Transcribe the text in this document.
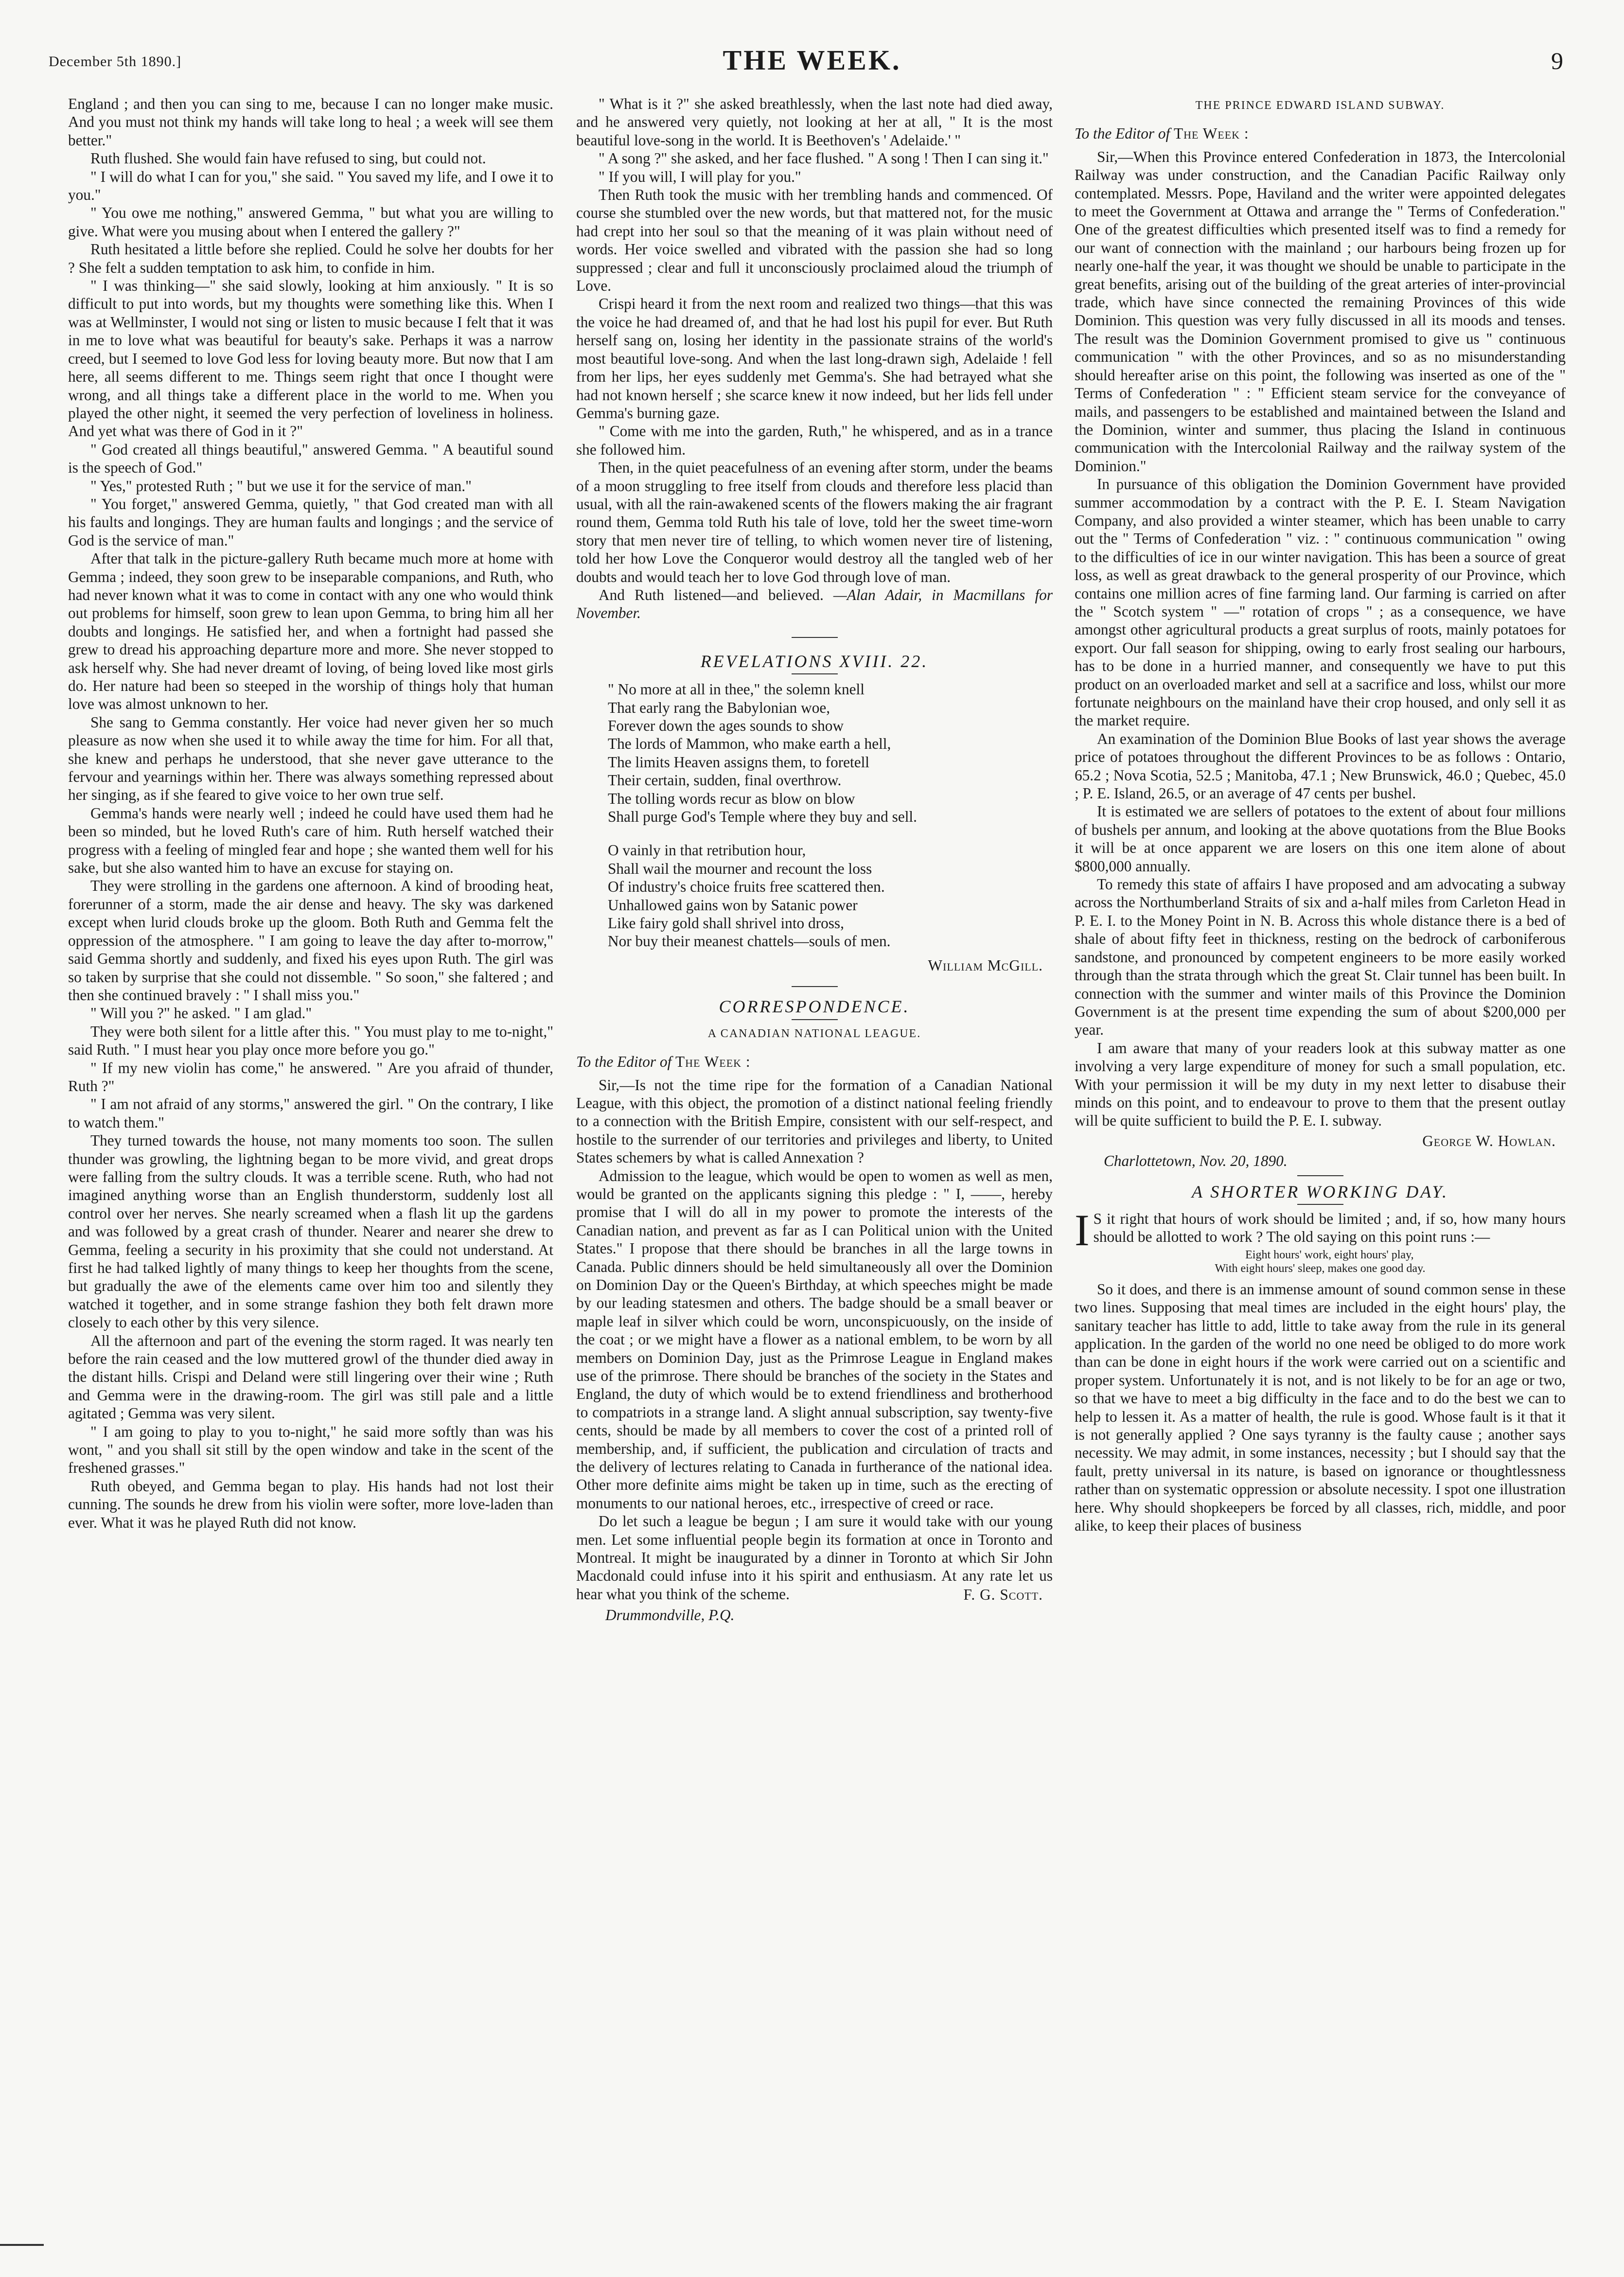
December 5th 1890.]	THE WEEK.	9

England ; and then you can sing to me, because I can no longer make music. And you must not think my hands will take long to heal ; a week will see them better."

Ruth flushed. She would fain have refused to sing, but could not.

" I will do what I can for you," she said. " You saved my life, and I owe it to you."

" You owe me nothing," answered Gemma, " but what you are willing to give. What were you musing about when I entered the gallery ?"

Ruth hesitated a little before she replied. Could he solve her doubts for her ? She felt a sudden temptation to ask him, to confide in him.

" I was thinking—" she said slowly, looking at him anxiously. " It is so difficult to put into words, but my thoughts were something like this. When I was at Wellminster, I would not sing or listen to music because I felt that it was in me to love what was beautiful for beauty's sake. Perhaps it was a narrow creed, but I seemed to love God less for loving beauty more. But now that I am here, all seems different to me. Things seem right that once I thought were wrong, and all things take a different place in the world to me. When you played the other night, it seemed the very perfection of loveliness in holiness. And yet what was there of God in it ?"

" God created all things beautiful," answered Gemma. " A beautiful sound is the speech of God."

" Yes," protested Ruth ; " but we use it for the service of man."

" You forget," answered Gemma, quietly, " that God created man with all his faults and longings. They are human faults and longings ; and the service of God is the service of man."

After that talk in the picture-gallery Ruth became much more at home with Gemma ; indeed, they soon grew to be inseparable companions, and Ruth, who had never known what it was to come in contact with any one who would think out problems for himself, soon grew to lean upon Gemma, to bring him all her doubts and longings. He satisfied her, and when a fortnight had passed she grew to dread his approaching departure more and more. She never stopped to ask herself why. She had never dreamt of loving, of being loved like most girls do. Her nature had been so steeped in the worship of things holy that human love was almost unknown to her.

She sang to Gemma constantly. Her voice had never given her so much pleasure as now when she used it to while away the time for him. For all that, she knew and perhaps he understood, that she never gave utterance to the fervour and yearnings within her. There was always something repressed about her singing, as if she feared to give voice to her own true self.

Gemma's hands were nearly well ; indeed he could have used them had he been so minded, but he loved Ruth's care of him. Ruth herself watched their progress with a feeling of mingled fear and hope ; she wanted them well for his sake, but she also wanted him to have an excuse for staying on.

They were strolling in the gardens one afternoon. A kind of brooding heat, forerunner of a storm, made the air dense and heavy. The sky was darkened except when lurid clouds broke up the gloom. Both Ruth and Gemma felt the oppression of the atmosphere. " I am going to leave the day after to-morrow," said Gemma shortly and suddenly, and fixed his eyes upon Ruth. The girl was so taken by surprise that she could not dissemble. " So soon," she faltered ; and then she continued bravely : " I shall miss you."

" Will you ?" he asked. " I am glad."

They were both silent for a little after this. " You must play to me to-night," said Ruth. " I must hear you play once more before you go."

" If my new violin has come," he answered. " Are you afraid of thunder, Ruth ?"

" I am not afraid of any storms," answered the girl. " On the contrary, I like to watch them."

They turned towards the house, not many moments too soon. The sullen thunder was growling, the lightning began to be more vivid, and great drops were falling from the sultry clouds. It was a terrible scene. Ruth, who had not imagined anything worse than an English thunderstorm, suddenly lost all control over her nerves. She nearly screamed when a flash lit up the gardens and was followed by a great crash of thunder. Nearer and nearer she drew to Gemma, feeling a security in his proximity that she could not understand. At first he had talked lightly of many things to keep her thoughts from the scene, but gradually the awe of the elements came over him too and silently they watched it together, and in some strange fashion they both felt drawn more closely to each other by this very silence.

All the afternoon and part of the evening the storm raged. It was nearly ten before the rain ceased and the low muttered growl of the thunder died away in the distant hills. Crispi and Deland were still lingering over their wine ; Ruth and Gemma were in the drawing-room. The girl was still pale and a little agitated ; Gemma was very silent.

" I am going to play to you to-night," he said more softly than was his wont, " and you shall sit still by the open window and take in the scent of the freshened grasses."

Ruth obeyed, and Gemma began to play. His hands had not lost their cunning. The sounds he drew from his violin were softer, more love-laden than ever. What it was he played Ruth did not know.

" What is it ?" she asked breathlessly, when the last note had died away, and he answered very quietly, not looking at her at all, " It is the most beautiful love-song in the world. It is Beethoven's ' Adelaide.' "

" A song ?" she asked, and her face flushed. " A song ! Then I can sing it."

" If you will, I will play for you."

Then Ruth took the music with her trembling hands and commenced. Of course she stumbled over the new words, but that mattered not, for the music had crept into her soul so that the meaning of it was plain without need of words. Her voice swelled and vibrated with the passion she had so long suppressed ; clear and full it unconsciously proclaimed aloud the triumph of Love.

Crispi heard it from the next room and realized two things—that this was the voice he had dreamed of, and that he had lost his pupil for ever. But Ruth herself sang on, losing her identity in the passionate strains of the world's most beautiful love-song. And when the last long-drawn sigh, Adelaide ! fell from her lips, her eyes suddenly met Gemma's. She had betrayed what she had not known herself ; she scarce knew it now indeed, but her lids fell under Gemma's burning gaze.

" Come with me into the garden, Ruth," he whispered, and as in a trance she followed him.

Then, in the quiet peacefulness of an evening after storm, under the beams of a moon struggling to free itself from clouds and therefore less placid than usual, with all the rain-awakened scents of the flowers making the air fragrant round them, Gemma told Ruth his tale of love, told her the sweet time-worn story that men never tire of telling, to which women never tire of listening, told her how Love the Conqueror would destroy all the tangled web of her doubts and would teach her to love God through love of man.

And Ruth listened—and believed. —Alan Adair, in Macmillans for November.

REVELATIONS XVIII. 22.
" No more at all in thee," the solemn knell
That early rang the Babylonian woe,
Forever down the ages sounds to show
The lords of Mammon, who make earth a hell,
The limits Heaven assigns them, to foretell
Their certain, sudden, final overthrow.
The tolling words recur as blow on blow
Shall purge God's Temple where they buy and sell.
O vainly in that retribution hour,
Shall wail the mourner and recount the loss
Of industry's choice fruits free scattered then.
Unhallowed gains won by Satanic power
Like fairy gold shall shrivel into dross,
Nor buy their meanest chattels—souls of men.
William McGill.
CORRESPONDENCE.
A CANADIAN NATIONAL LEAGUE.
To the Editor of The Week :

Sir,—Is not the time ripe for the formation of a Canadian National League, with this object, the promotion of a distinct national feeling friendly to a connection with the British Empire, consistent with our self-respect, and hostile to the surrender of our territories and privileges and liberty, to United States schemers by what is called Annexation ?

Admission to the league, which would be open to women as well as men, would be granted on the applicants signing this pledge : " I, ——, hereby promise that I will do all in my power to promote the interests of the Canadian nation, and prevent as far as I can Political union with the United States." I propose that there should be branches in all the large towns in Canada. Public dinners should be held simultaneously all over the Dominion on Dominion Day or the Queen's Birthday, at which speeches might be made by our leading statesmen and others. The badge should be a small beaver or maple leaf in silver which could be worn, unconspicuously, on the inside of the coat ; or we might have a flower as a national emblem, to be worn by all members on Dominion Day, just as the Primrose League in England makes use of the primrose. There should be branches of the society in the States and England, the duty of which would be to extend friendliness and brotherhood to compatriots in a strange land. A slight annual subscription, say twenty-five cents, should be made by all members to cover the cost of a printed roll of membership, and, if sufficient, the publication and circulation of tracts and the delivery of lectures relating to Canada in furtherance of the national idea. Other more definite aims might be taken up in time, such as the erecting of monuments to our national heroes, etc., irrespective of creed or race.

Do let such a league be begun ; I am sure it would take with our young men. Let some influential people begin its formation at once in Toronto and Montreal. It might be inaugurated by a dinner in Toronto at which Sir John Macdonald could infuse into it his spirit and enthusiasm. At any rate let us hear what you think of the scheme.	F. G. Scott.
Drummondville, P.Q.
THE PRINCE EDWARD ISLAND SUBWAY.
To the Editor of The Week :

Sir,—When this Province entered Confederation in 1873, the Intercolonial Railway was under construction, and the Canadian Pacific Railway only contemplated. Messrs. Pope, Haviland and the writer were appointed delegates to meet the Government at Ottawa and arrange the " Terms of Confederation." One of the greatest difficulties which presented itself was to find a remedy for our want of connection with the mainland ; our harbours being frozen up for nearly one-half the year, it was thought we should be unable to participate in the great benefits, arising out of the building of the great arteries of inter-provincial trade, which have since connected the remaining Provinces of this wide Dominion. This question was very fully discussed in all its moods and tenses. The result was the Dominion Government promised to give us " continuous communication " with the other Provinces, and so as no misunderstanding should hereafter arise on this point, the following was inserted as one of the " Terms of Confederation " : " Efficient steam service for the conveyance of mails, and passengers to be established and maintained between the Island and the Dominion, winter and summer, thus placing the Island in continuous communication with the Intercolonial Railway and the railway system of the Dominion."

In pursuance of this obligation the Dominion Government have provided summer accommodation by a contract with the P. E. I. Steam Navigation Company, and also provided a winter steamer, which has been unable to carry out the " Terms of Confederation " viz. : " continuous communication " owing to the difficulties of ice in our winter navigation. This has been a source of great loss, as well as great drawback to the general prosperity of our Province, which contains one million acres of fine farming land. Our farming is carried on after the " Scotch system " —" rotation of crops " ; as a consequence, we have amongst other agricultural products a great surplus of roots, mainly potatoes for export. Our fall season for shipping, owing to early frost sealing our harbours, has to be done in a hurried manner, and consequently we have to put this product on an overloaded market and sell at a sacrifice and loss, whilst our more fortunate neighbours on the mainland have their crop housed, and only sell it as the market require.

An examination of the Dominion Blue Books of last year shows the average price of potatoes throughout the different Provinces to be as follows : Ontario, 65.2 ; Nova Scotia, 52.5 ; Manitoba, 47.1 ; New Brunswick, 46.0 ; Quebec, 45.0 ; P. E. Island, 26.5, or an average of 47 cents per bushel.

It is estimated we are sellers of potatoes to the extent of about four millions of bushels per annum, and looking at the above quotations from the Blue Books it will be at once apparent we are losers on this one item alone of about $800,000 annually.

To remedy this state of affairs I have proposed and am advocating a subway across the Northumberland Straits of six and a-half miles from Carleton Head in P. E. I. to the Money Point in N. B. Across this whole distance there is a bed of shale of about fifty feet in thickness, resting on the bedrock of carboniferous sandstone, and pronounced by competent engineers to be more easily worked through than the strata through which the great St. Clair tunnel has been built. In connection with the summer and winter mails of this Province the Dominion Government is at the present time expending the sum of about $200,000 per year.

I am aware that many of your readers look at this subway matter as one involving a very large expenditure of money for such a small population, etc. With your permission it will be my duty in my next letter to disabuse their minds on this point, and to endeavour to prove to them that the present outlay will be quite sufficient to build the P. E. I. subway.

George W. Howlan.
Charlottetown, Nov. 20, 1890.
A SHORTER WORKING DAY.

I S it right that hours of work should be limited ; and, if so, how many hours should be allotted to work ? The old saying on this point runs :—

Eight hours' work, eight hours' play,
With eight hours' sleep, makes one good day.

So it does, and there is an immense amount of sound common sense in these two lines. Supposing that meal times are included in the eight hours' play, the sanitary teacher has little to add, little to take away from the rule in its general application. In the garden of the world no one need be obliged to do more work than can be done in eight hours if the work were carried out on a scientific and proper system. Unfortunately it is not, and is not likely to be for an age or two, so that we have to meet a big difficulty in the face and to do the best we can to help to lessen it. As a matter of health, the rule is good. Whose fault is it that it is not generally applied ? One says tyranny is the faulty cause ; another says necessity. We may admit, in some instances, necessity ; but I should say that the fault, pretty universal in its nature, is based on ignorance or thoughtlessness rather than on systematic oppression or absolute necessity. I spot one illustration here. Why should shopkeepers be forced by all classes, rich, middle, and poor alike, to keep their places of business
